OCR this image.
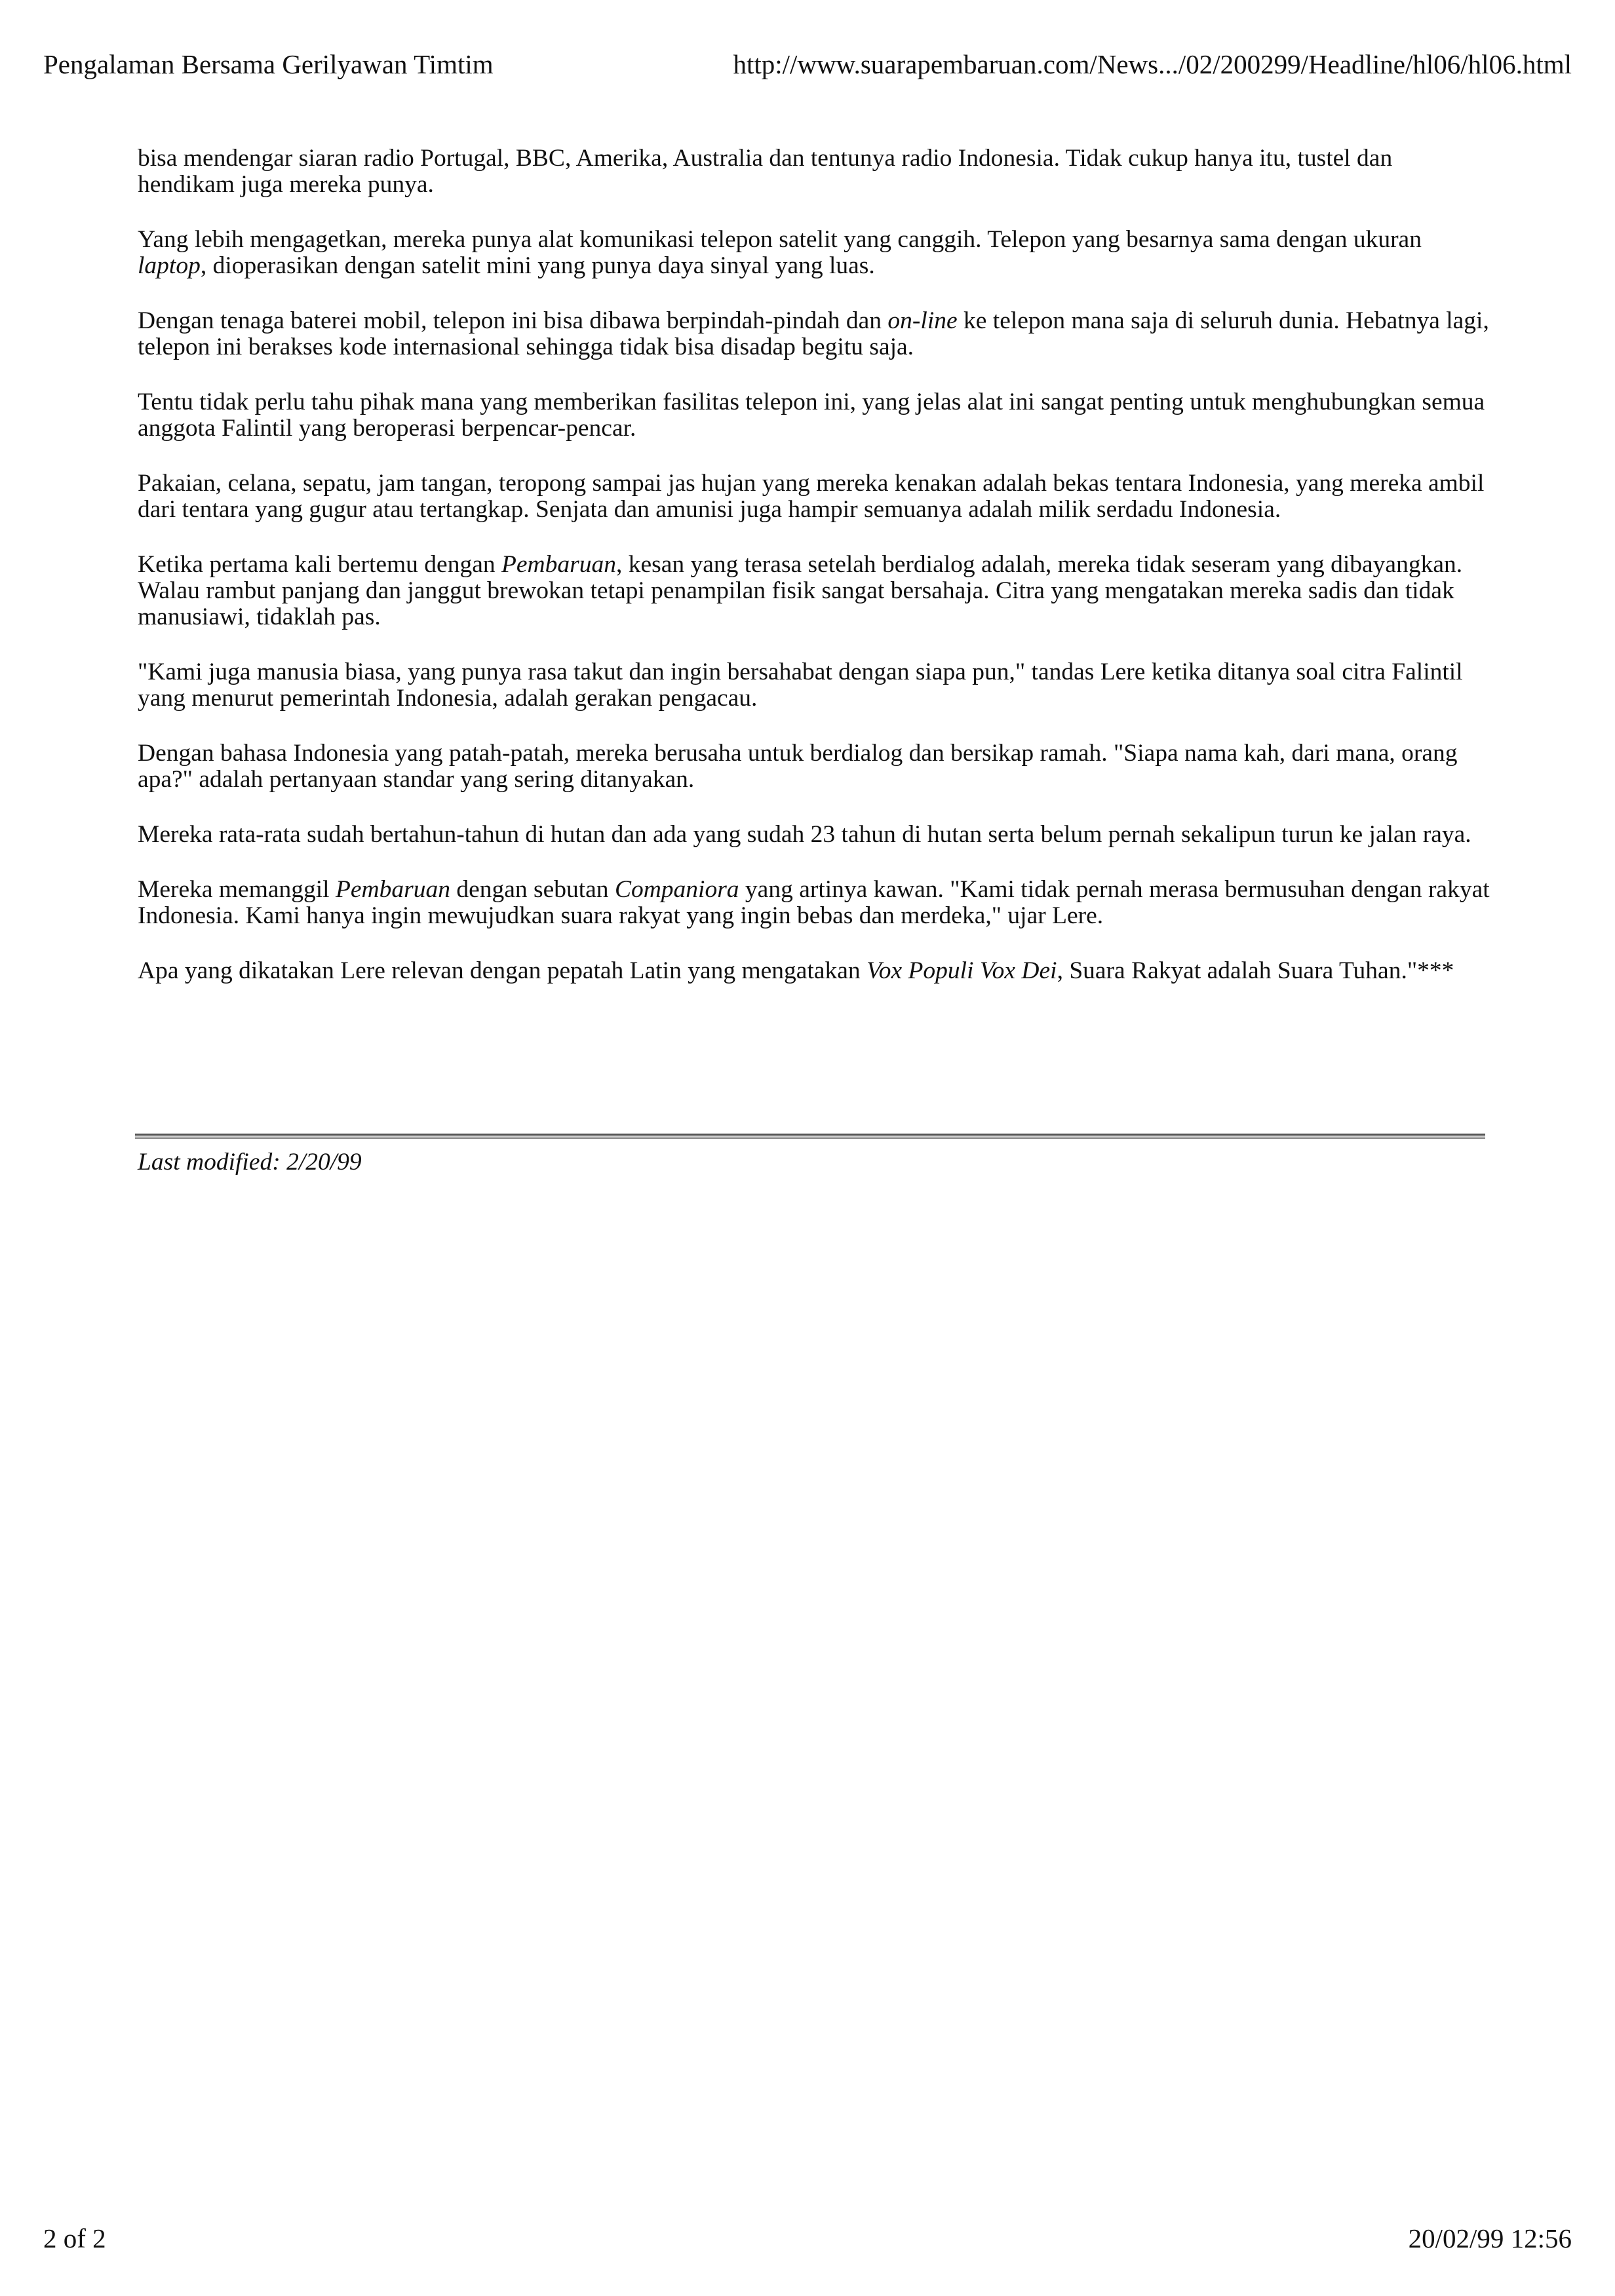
Pengalaman Bersama Gerilyawan Timtim	http://www.suarapembaruan.com/News.../02/200299/Headline/hl06/hl06.html

bisa mendengar siaran radio Portugal, BBC, Amerika, Australia dan tentunya radio Indonesia. Tidak cukup hanya itu, tustel dan hendikam juga mereka punya.

Yang lebih mengagetkan, mereka punya alat komunikasi telepon satelit yang canggih. Telepon yang besarnya sama dengan ukuran laptop, dioperasikan dengan satelit mini yang punya daya sinyal yang luas.

Dengan tenaga baterei mobil, telepon ini bisa dibawa berpindah-pindah dan on-line ke telepon mana saja di seluruh dunia. Hebatnya lagi, telepon ini berakses kode internasional sehingga tidak bisa disadap begitu saja.

Tentu tidak perlu tahu pihak mana yang memberikan fasilitas telepon ini, yang jelas alat ini sangat penting untuk menghubungkan semua anggota Falintil yang beroperasi berpencar-pencar.

Pakaian, celana, sepatu, jam tangan, teropong sampai jas hujan yang mereka kenakan adalah bekas tentara Indonesia, yang mereka ambil dari tentara yang gugur atau tertangkap. Senjata dan amunisi juga hampir semuanya adalah milik serdadu Indonesia.

Ketika pertama kali bertemu dengan Pembaruan, kesan yang terasa setelah berdialog adalah, mereka tidak seseram yang dibayangkan. Walau rambut panjang dan janggut brewokan tetapi penampilan fisik sangat bersahaja. Citra yang mengatakan mereka sadis dan tidak manusiawi, tidaklah pas.

"Kami juga manusia biasa, yang punya rasa takut dan ingin bersahabat dengan siapa pun," tandas Lere ketika ditanya soal citra Falintil yang menurut pemerintah Indonesia, adalah gerakan pengacau.

Dengan bahasa Indonesia yang patah-patah, mereka berusaha untuk berdialog dan bersikap ramah. "Siapa nama kah, dari mana, orang apa?" adalah pertanyaan standar yang sering ditanyakan.

Mereka rata-rata sudah bertahun-tahun di hutan dan ada yang sudah 23 tahun di hutan serta belum pernah sekalipun turun ke jalan raya.

Mereka memanggil Pembaruan dengan sebutan Companiora yang artinya kawan. "Kami tidak pernah merasa bermusuhan dengan rakyat Indonesia. Kami hanya ingin mewujudkan suara rakyat yang ingin bebas dan merdeka," ujar Lere.

Apa yang dikatakan Lere relevan dengan pepatah Latin yang mengatakan Vox Populi Vox Dei, Suara Rakyat adalah Suara Tuhan."***

Last modified: 2/20/99
2 of 2	20/02/99 12:56
